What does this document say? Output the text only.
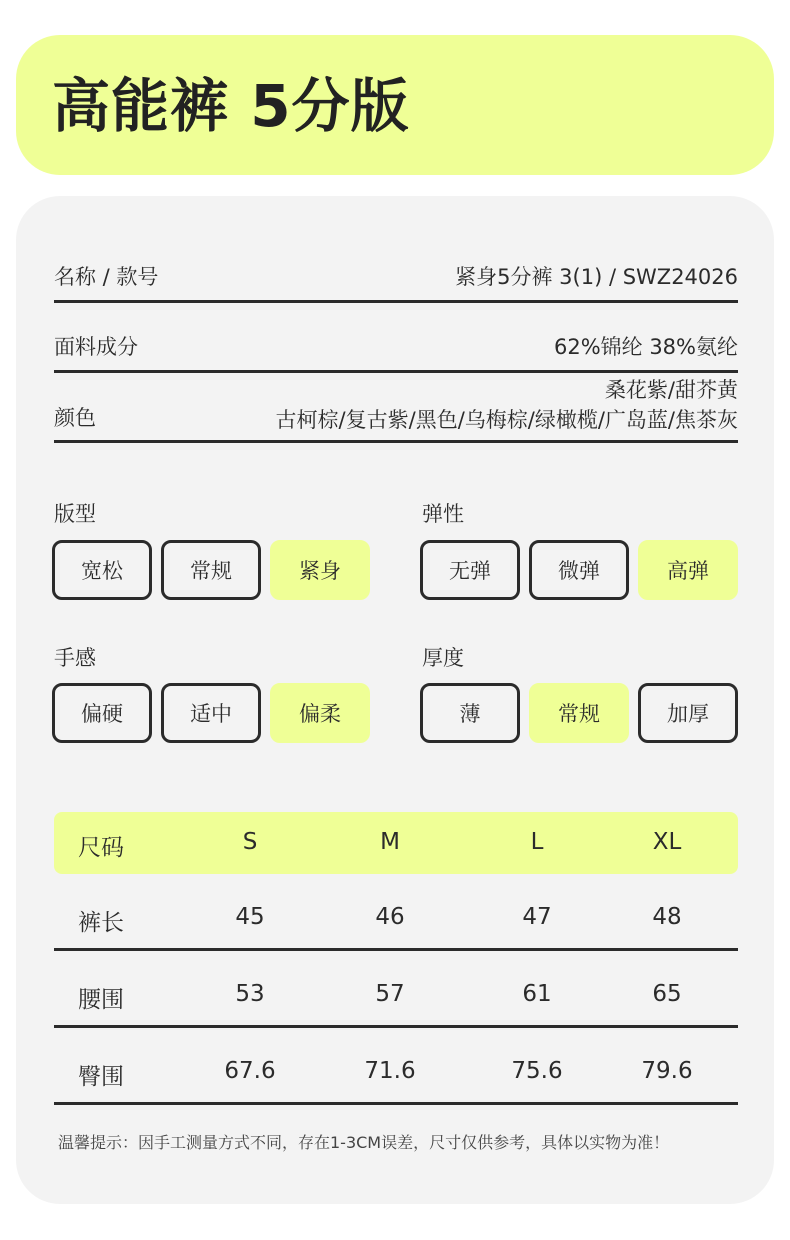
高能裤 5分版
名称 / 款号	紧身5分裤 3(1) / SWZ24026
面料成分	62%锦纶 38%氨纶
颜色
桑花紫/甜芥黄
古柯棕/复古紫/黑色/乌梅棕/绿橄榄/广岛蓝/焦茶灰
版型
宽松	常规	紧身
弹性
无弹	微弹	高弹
手感
偏硬	适中	偏柔
厚度
薄	常规	加厚
尺码	S	M	L	XL
裤长	45	46	47	48
腰围	53	57	61	65
臀围	67.6	71.6	75.6	79.6
温馨提示：因手工测量方式不同，存在1-3CM误差，尺寸仅供参考，具体以实物为准！
